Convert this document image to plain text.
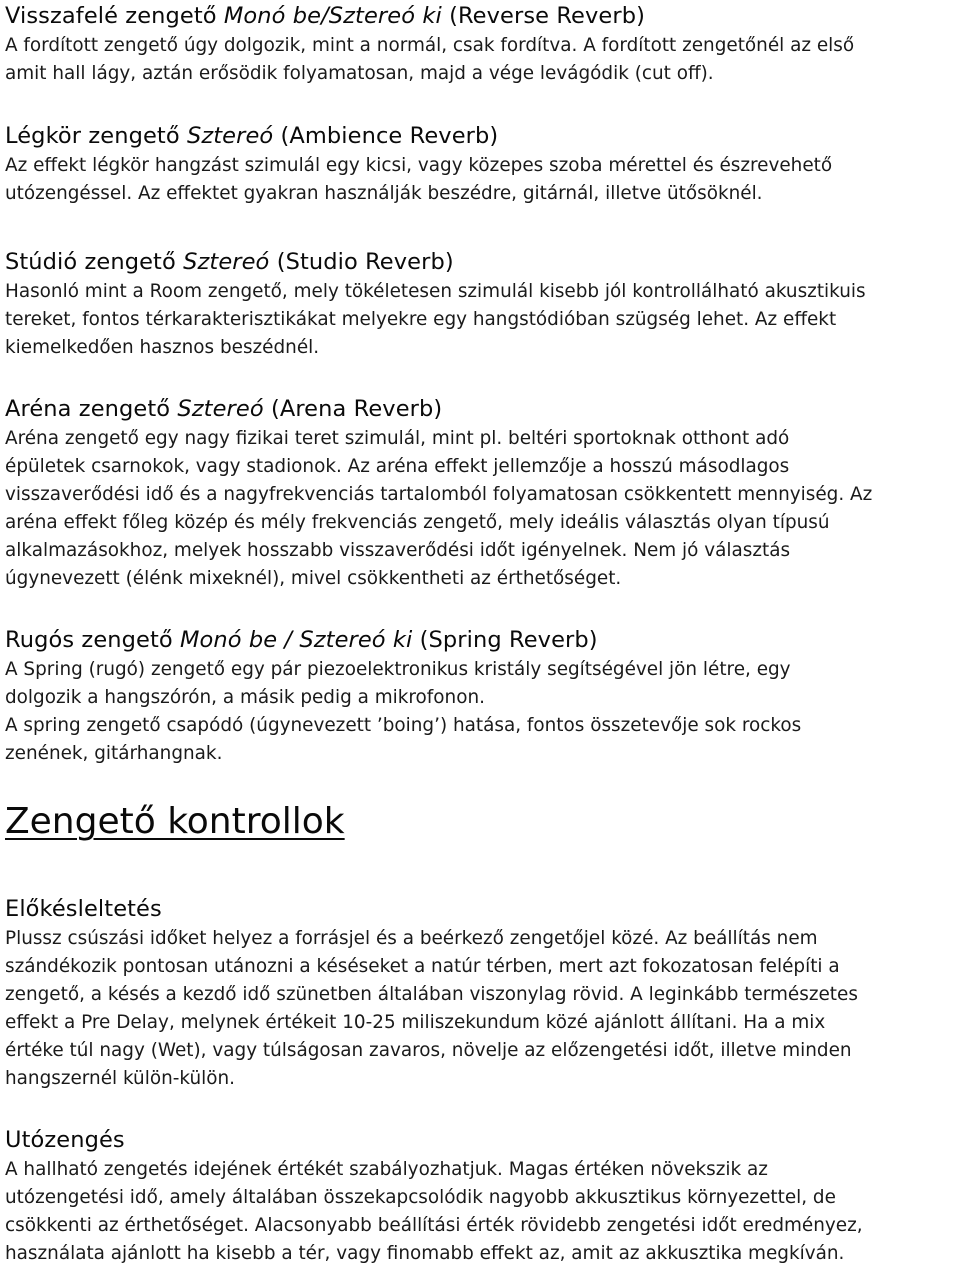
Visszafelé zengető Monó be/Sztereó ki (Reverse Reverb)
A fordított zengető úgy dolgozik, mint a normál, csak fordítva. A fordított zengetőnél az első
amit hall lágy, aztán erősödik folyamatosan, majd a vége levágódik (cut off).
Légkör zengető Sztereó (Ambience Reverb)
Az effekt légkör hangzást szimulál egy kicsi, vagy közepes szoba mérettel és észrevehető
utózengéssel. Az effektet gyakran használják beszédre, gitárnál, illetve ütősöknél.
Stúdió zengető Sztereó (Studio Reverb)
Hasonló mint a Room zengető, mely tökéletesen szimulál kisebb jól kontrollálható akusztikuis
tereket, fontos térkarakterisztikákat melyekre egy hangstódióban szügség lehet. Az effekt
kiemelkedően hasznos beszédnél.
Aréna zengető Sztereó (Arena Reverb)
Aréna zengető egy nagy fizikai teret szimulál, mint pl. beltéri sportoknak otthont adó
épületek csarnokok, vagy stadionok. Az aréna effekt jellemzője a hosszú másodlagos
visszaverődési idő és a nagyfrekvenciás tartalomból folyamatosan csökkentett mennyiség. Az
aréna effekt főleg közép és mély frekvenciás zengető, mely ideális választás olyan típusú
alkalmazásokhoz, melyek hosszabb visszaverődési időt igényelnek. Nem jó választás
úgynevezett (élénk mixeknél), mivel csökkentheti az érthetőséget.
Rugós zengető Monó be / Sztereó ki (Spring Reverb)
A Spring (rugó) zengető egy pár piezoelektronikus kristály segítségével jön létre, egy
dolgozik a hangszórón, a másik pedig a mikrofonon.
A spring zengető csapódó (úgynevezett ’boing’) hatása, fontos összetevője sok rockos
zenének, gitárhangnak.
Zengető kontrollok
Előkésleltetés
Plussz csúszási időket helyez a forrásjel és a beérkező zengetőjel közé. Az beállítás nem
szándékozik pontosan utánozni a késéseket a natúr térben, mert azt fokozatosan felépíti a
zengető, a késés a kezdő idő szünetben általában viszonylag rövid. A leginkább természetes
effekt a Pre Delay, melynek értékeit 10-25 miliszekundum közé ajánlott állítani. Ha a mix
értéke túl nagy (Wet), vagy túlságosan zavaros, növelje az előzengetési időt, illetve minden
hangszernél külön-külön.
Utózengés
A hallható zengetés idejének értékét szabályozhatjuk. Magas értéken növekszik az
utózengetési idő, amely általában összekapcsolódik nagyobb akkusztikus környezettel, de
csökkenti az érthetőséget. Alacsonyabb beállítási érték rövidebb zengetési időt eredményez,
használata ajánlott ha kisebb a tér, vagy finomabb effekt az, amit az akkusztika megkíván.
